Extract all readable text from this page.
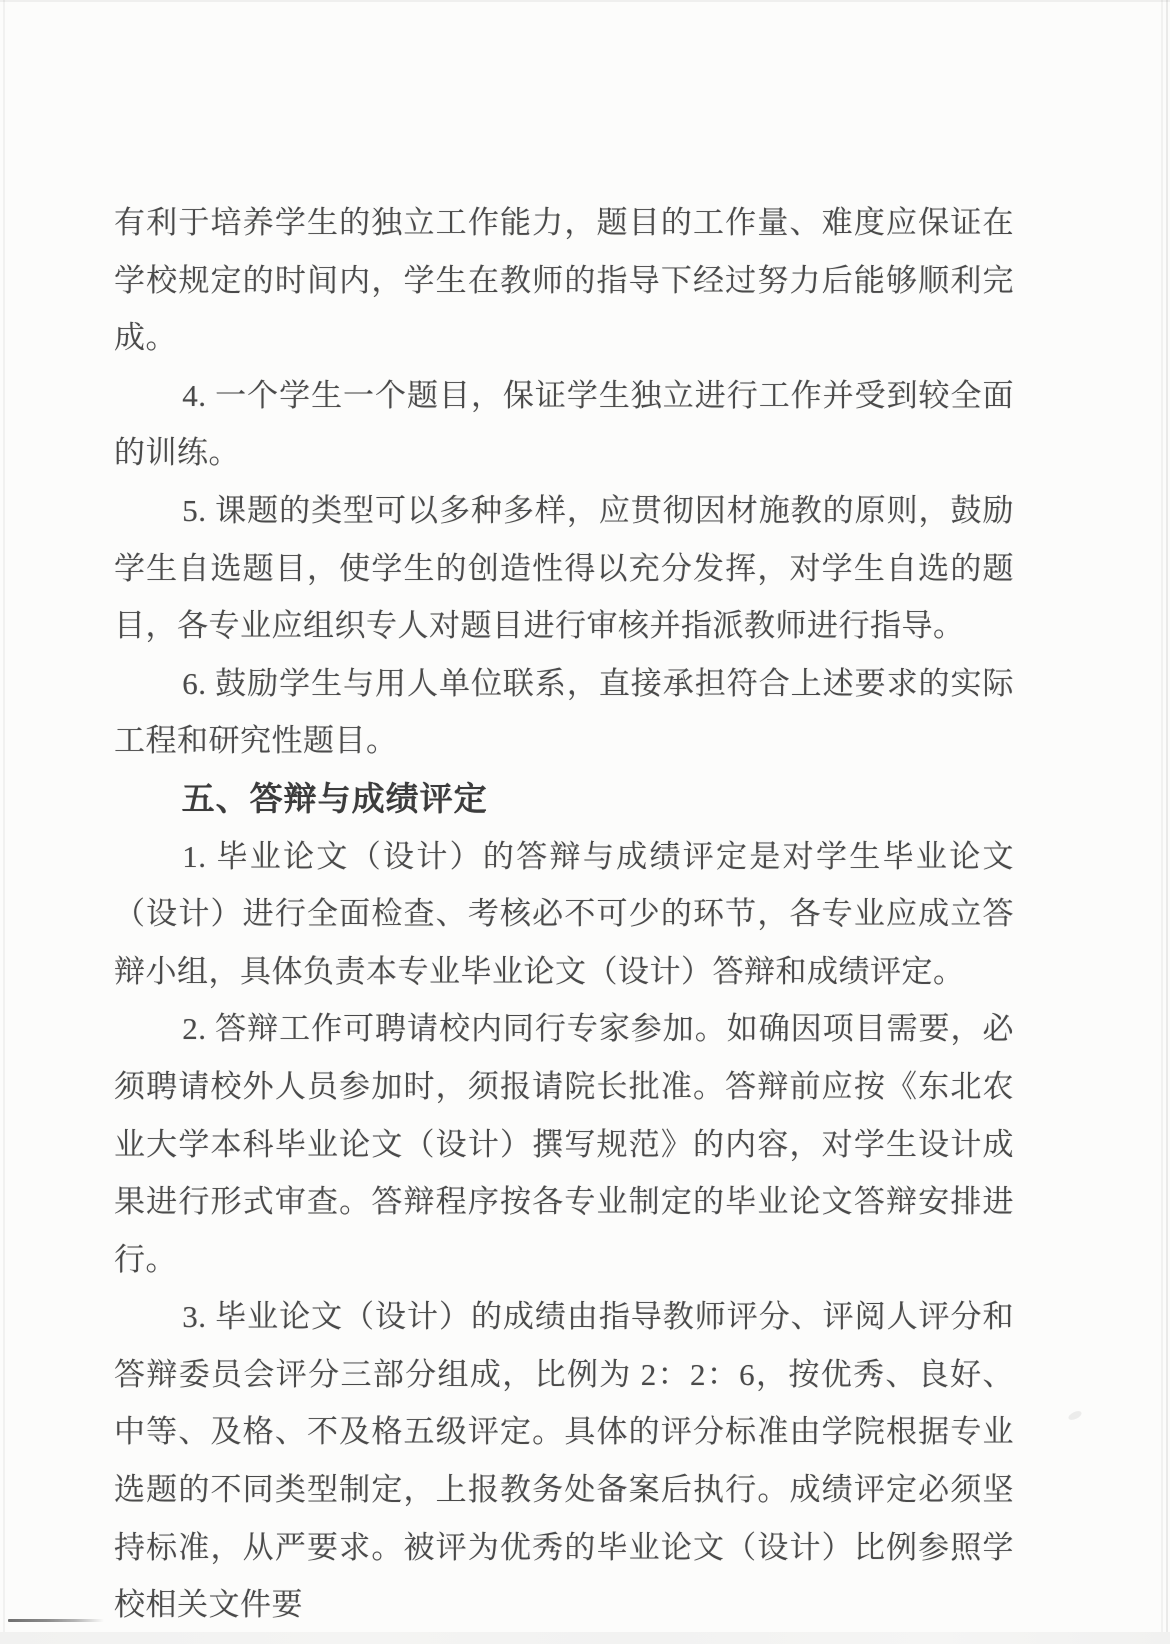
有利于培养学生的独立工作能力，题目的工作量、难度应保证在学校规定的时间内，学生在教师的指导下经过努力后能够顺利完成。

4. 一个学生一个题目，保证学生独立进行工作并受到较全面的训练。

5. 课题的类型可以多种多样，应贯彻因材施教的原则，鼓励学生自选题目，使学生的创造性得以充分发挥，对学生自选的题目，各专业应组织专人对题目进行审核并指派教师进行指导。

6. 鼓励学生与用人单位联系，直接承担符合上述要求的实际工程和研究性题目。

五、答辩与成绩评定

1. 毕业论文（设计）的答辩与成绩评定是对学生毕业论文（设计）进行全面检查、考核必不可少的环节，各专业应成立答辩小组，具体负责本专业毕业论文（设计）答辩和成绩评定。

2. 答辩工作可聘请校内同行专家参加。如确因项目需要，必须聘请校外人员参加时，须报请院长批准。答辩前应按《东北农业大学本科毕业论文（设计）撰写规范》的内容，对学生设计成果进行形式审查。答辩程序按各专业制定的毕业论文答辩安排进行。

3. 毕业论文（设计）的成绩由指导教师评分、评阅人评分和答辩委员会评分三部分组成，比例为 2：2：6，按优秀、良好、中等、及格、不及格五级评定。具体的评分标准由学院根据专业选题的不同类型制定，上报教务处备案后执行。成绩评定必须坚持标准，从严要求。被评为优秀的毕业论文（设计）比例参照学校相关文件要
